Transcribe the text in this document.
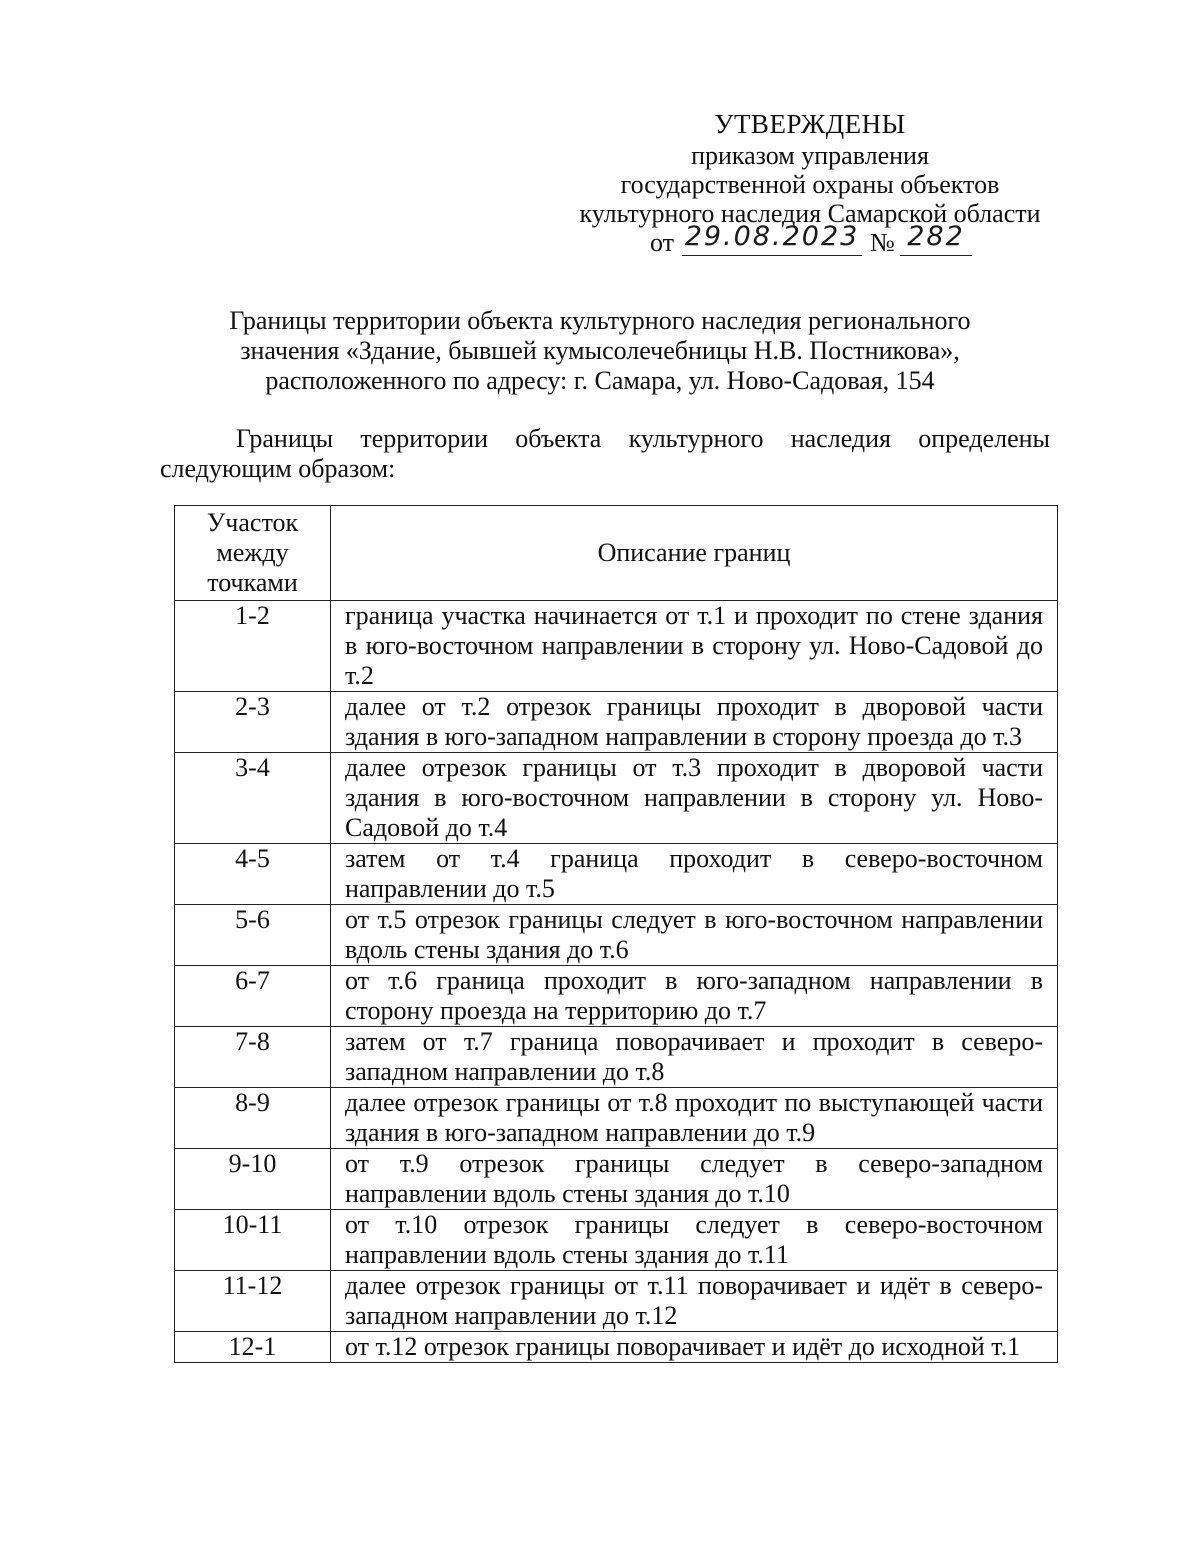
УТВЕРЖДЕНЫ
приказом управления
государственной охраны объектов
культурного наследия Самарской области
от 29.08.2023 № 282
Границы территории объекта культурного наследия регионального
значения «Здание, бывшей кумысолечебницы Н.В. Постникова»,
расположенного по адресу: г. Самара, ул. Ново-Садовая, 154
Границы территории объекта культурного наследия определены следующим образом:
Участок между точками	Описание границ
1-2	граница участка начинается от т.1 и проходит по стене здания в юго-восточном направлении в сторону ул. Ново-Садовой до т.2
2-3	далее от т.2 отрезок границы проходит в дворовой части здания в юго-западном направлении в сторону проезда до т.3
3-4	далее отрезок границы от т.3 проходит в дворовой части здания в юго-восточном направлении в сторону ул. Ново-Садовой до т.4
4-5	затем от т.4 граница проходит в северо-восточном направлении до т.5
5-6	от т.5 отрезок границы следует в юго-восточном направлении вдоль стены здания до т.6
6-7	от т.6 граница проходит в юго-западном направлении в сторону проезда на территорию до т.7
7-8	затем от т.7 граница поворачивает и проходит в северо-западном направлении до т.8
8-9	далее отрезок границы от т.8 проходит по выступающей части здания в юго-западном направлении до т.9
9-10	от т.9 отрезок границы следует в северо-западном направлении вдоль стены здания до т.10
10-11	от т.10 отрезок границы следует в северо-восточном направлении вдоль стены здания до т.11
11-12	далее отрезок границы от т.11 поворачивает и идёт в северо-западном направлении до т.12
12-1	от т.12 отрезок границы поворачивает и идёт до исходной т.1
